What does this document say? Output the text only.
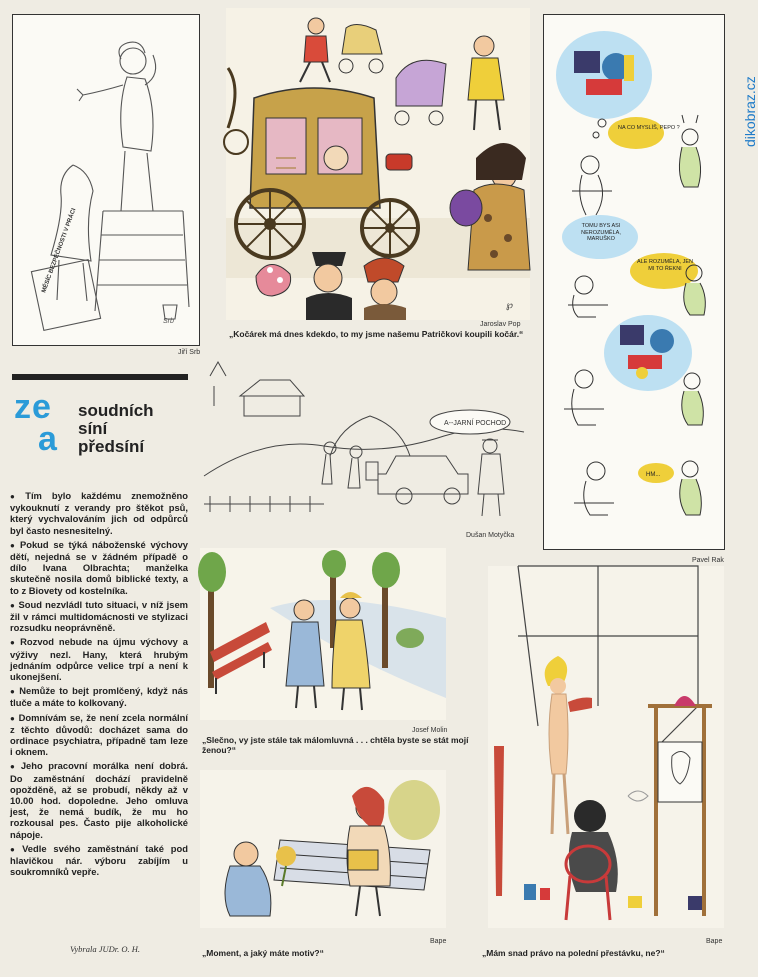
dikobraz.cz
MĚSÍC BEZPEČNOSTI V PRÁCI
Srb
Jiří Srb
℘
Jaroslav Pop
„Kočárek má dnes kdekdo, to my jsme našemu Patričkovi koupili kočár.“
NA CO MYSLÍŠ, PEPO ?
TOMU BYS ASI NEROZUMĚLA, MARUŠKO
ALE ROZUMĚLA, JEN MI TO ŘEKNI
HM...
Pavel Rak
ze
a
soudních
síní
předsíní
● Tím bylo každému znemožněno vykouknutí z verandy pro štěkot psů, který vychvalováním jich od odpůrců byl často nesnesitelný.
● Pokud se týká náboženské výchovy dětí, nejedná se v žádném případě o dílo Ivana Olbrachta; manželka skutečně nosila domů biblické texty, a to z Biovety od kostelníka.
● Soud nezvládl tuto situaci, v níž jsem žil v rámci multidomácnosti ve stylizaci rozsudku neoprávněně.
● Rozvod nebude na újmu výchovy a výživy nezl. Hany, která hrubým jednáním odpůrce velice trpí a není k ukonejšení.
● Nemůže to bejt promlčený, když nás tluče a máte to kolkovaný.
● Domnívám se, že není zcela normální z těchto důvodů: docházet sama do ordinace psychiatra, případně tam leze i oknem.
● Jeho pracovní morálka není dobrá. Do zaměstnání dochází pravidelně opožděně, až se probudí, někdy až v 10.00 hod. dopoledne. Jeho omluva jest, že nemá budík, že mu ho rozkousal pes. Často pije alkoholické nápoje.
● Vedle svého zaměstnání také pod hlavičkou nár. výboru zabíjím u soukromníků vepře.
Vybrala JUDr. O. H.
A--JARNÍ POCHOD
Dušan Motyčka
Josef Molin
„Slečno, vy jste stále tak málomluvná . . . chtěla byste se stát mojí ženou?“
Bape
„Moment, a jaký máte motiv?“
Bape
„Mám snad právo na polední přestávku, ne?“
